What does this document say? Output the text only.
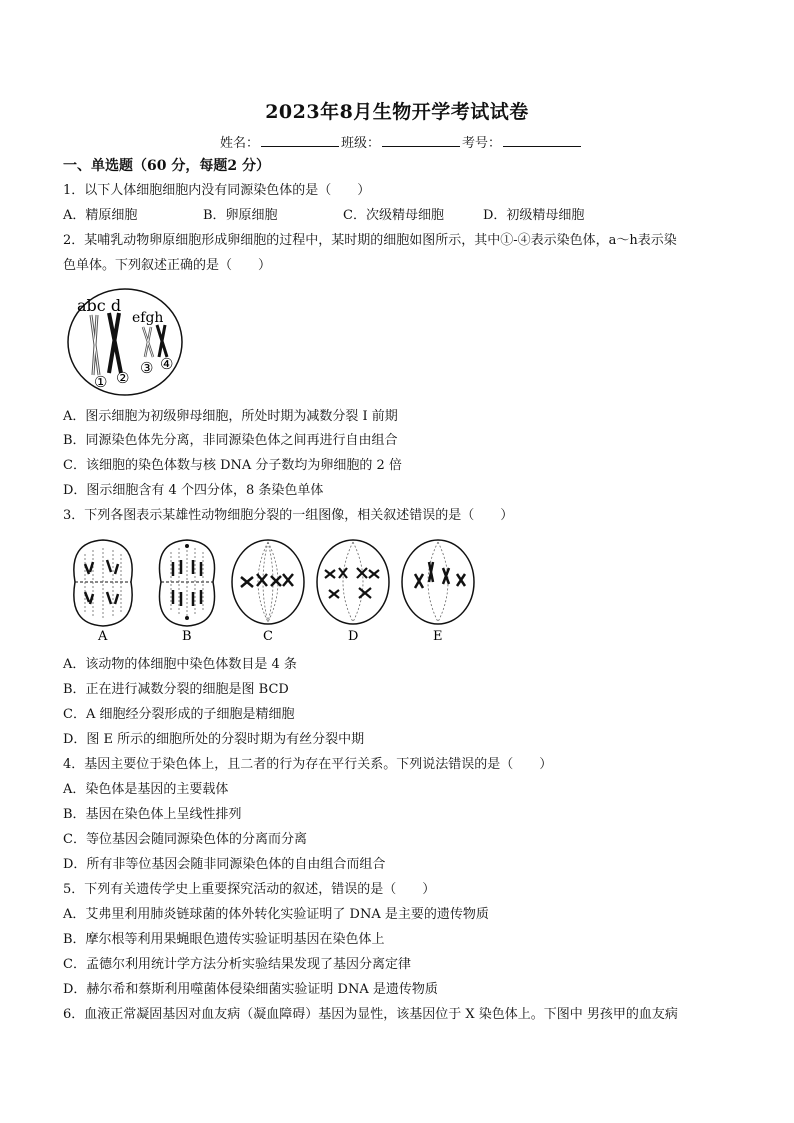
2023年8月生物开学考试试卷
姓名：	班级：	考号：
一、单选题（60 分，每题2 分）
1．以下人体细胞细胞内没有同源染色体的是（　　）
A．精原细胞	B．卵原细胞	C．次级精母细胞	D．初级精母细胞
2．某哺乳动物卵原细胞形成卵细胞的过程中，某时期的细胞如图所示，其中①-④表示染色体，a～h表示染
色单体。下列叙述正确的是（　　）
abc d
efgh
① ②
③ ④
A．图示细胞为初级卵母细胞，所处时期为减数分裂 I 前期
B．同源染色体先分离，非同源染色体之间再进行自由组合
C．该细胞的染色体数与核 DNA 分子数均为卵细胞的 2 倍
D．图示细胞含有 4 个四分体，8 条染色单体
3．下列各图表示某雄性动物细胞分裂的一组图像，相关叙述错误的是（　　）
A	B	C	D	E
A．该动物的体细胞中染色体数目是 4 条
B．正在进行减数分裂的细胞是图 BCD
C．A 细胞经分裂形成的子细胞是精细胞
D．图 E 所示的细胞所处的分裂时期为有丝分裂中期
4．基因主要位于染色体上，且二者的行为存在平行关系。下列说法错误的是（　　）
A．染色体是基因的主要载体
B．基因在染色体上呈线性排列
C．等位基因会随同源染色体的分离而分离
D．所有非等位基因会随非同源染色体的自由组合而组合
5．下列有关遗传学史上重要探究活动的叙述，错误的是（　　）
A．艾弗里利用肺炎链球菌的体外转化实验证明了 DNA 是主要的遗传物质
B．摩尔根等利用果蝇眼色遗传实验证明基因在染色体上
C．孟德尔利用统计学方法分析实验结果发现了基因分离定律
D．赫尔希和蔡斯利用噬菌体侵染细菌实验证明 DNA 是遗传物质
6．血液正常凝固基因对血友病（凝血障碍）基因为显性，该基因位于 X 染色体上。下图中 男孩甲的血友病
